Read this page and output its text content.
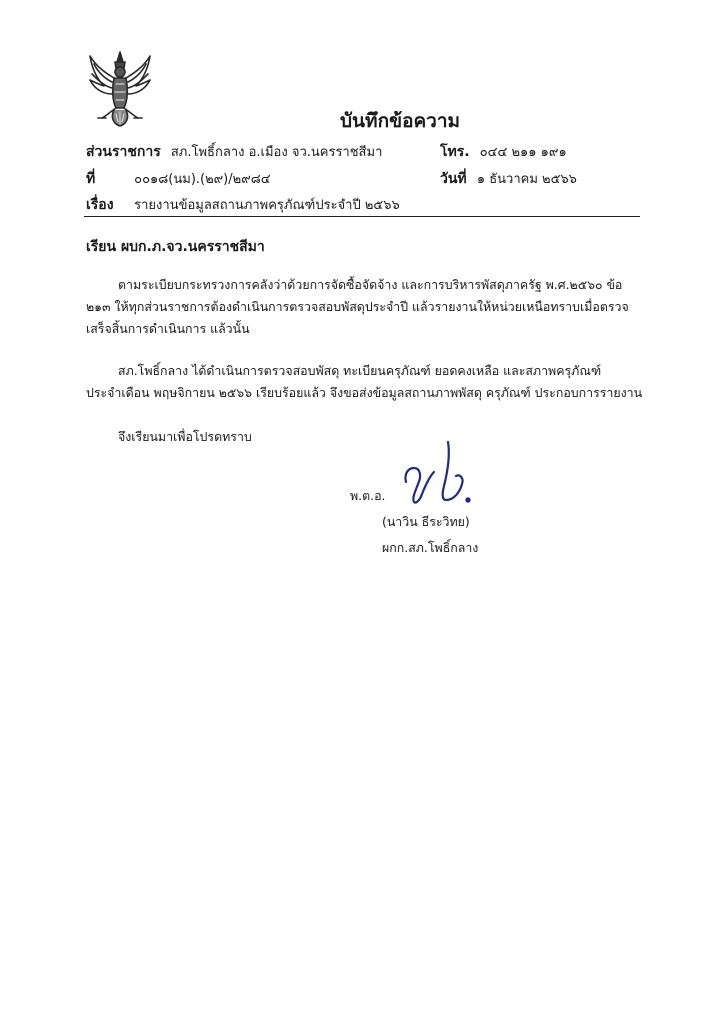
บันทึกข้อความ
ส่วนราชการ สภ.โพธิ์กลาง อ.เมือง จว.นครราชสีมา	โทร. ๐๔๔ ๒๑๑ ๑๙๑
ที่	๐๐๑๘(นม).(๒๙)/๒๙๘๔	วันที่ ๑ ธันวาคม ๒๕๖๖
เรื่อง รายงานข้อมูลสถานภาพครุภัณฑ์ประจำปี ๒๕๖๖
เรียน ผบก.ภ.จว.นครราชสีมา
ตามระเบียบกระทรวงการคลังว่าด้วยการจัดซื้อจัดจ้าง และการบริหารพัสดุภาครัฐ พ.ศ.๒๕๖๐ ข้อ
๒๑๓ ให้ทุกส่วนราชการต้องดำเนินการตรวจสอบพัสดุประจำปี แล้วรายงานให้หน่วยเหนือทราบเมื่อตรวจ
เสร็จสิ้นการดำเนินการ แล้วนั้น
สภ.โพธิ์กลาง ได้ดำเนินการตรวจสอบพัสดุ ทะเบียนครุภัณฑ์ ยอดคงเหลือ และสภาพครุภัณฑ์
ประจำเดือน พฤษจิกายน ๒๕๖๖ เรียบร้อยแล้ว จึงขอส่งข้อมูลสถานภาพพัสดุ ครุภัณฑ์ ประกอบการรายงาน
จึงเรียนมาเพื่อโปรดทราบ
พ.ต.อ.
(นาวิน ธีระวิทย)
ผกก.สภ.โพธิ์กลาง
